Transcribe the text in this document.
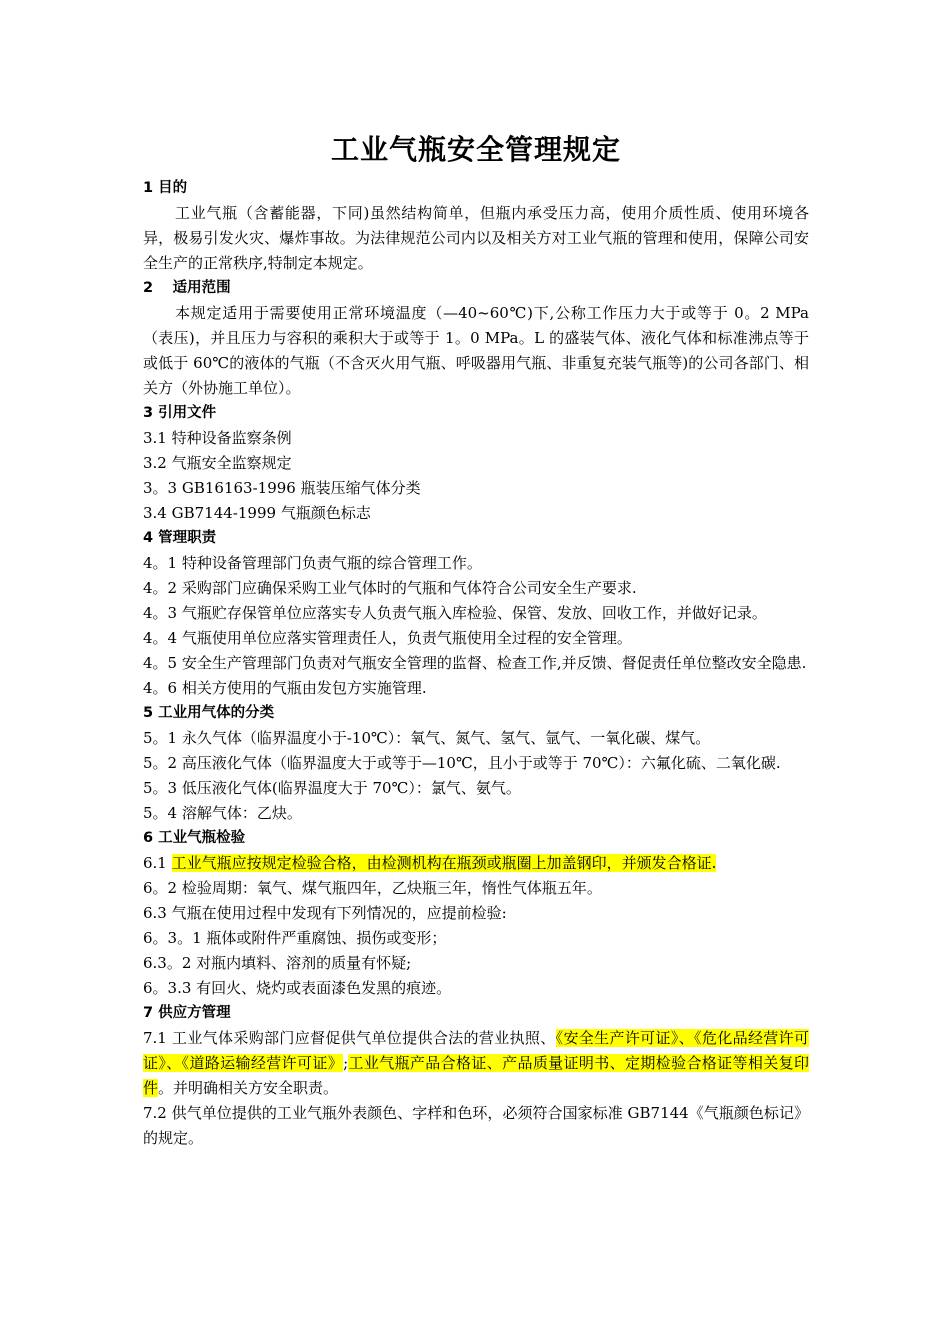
工业气瓶安全管理规定

1 目的

工业气瓶（含蓄能器，下同)虽然结构简单，但瓶内承受压力高，使用介质性质、使用环境各异，极易引发火灾、爆炸事故。为法律规范公司内以及相关方对工业气瓶的管理和使用，保障公司安全生产的正常秩序,特制定本规定。

2 　适用范围

本规定适用于需要使用正常环境温度（—40~60℃)下,公称工作压力大于或等于 0。2 MPa （表压)，并且压力与容积的乘积大于或等于 1。0 MPa。L 的盛装气体、液化气体和标准沸点等于或低于 60℃的液体的气瓶（不含灭火用气瓶、呼吸器用气瓶、非重复充装气瓶等)的公司各部门、相关方（外协施工单位）。

3 引用文件

3.1 特种设备监察条例

3.2 气瓶安全监察规定

3。3 GB16163-1996 瓶装压缩气体分类

3.4 GB7144-1999 气瓶颜色标志

4 管理职责

4。1 特种设备管理部门负责气瓶的综合管理工作。

4。2 采购部门应确保采购工业气体时的气瓶和气体符合公司安全生产要求.

4。3 气瓶贮存保管单位应落实专人负责气瓶入库检验、保管、发放、回收工作，并做好记录。

4。4 气瓶使用单位应落实管理责任人，负责气瓶使用全过程的安全管理。

4。5 安全生产管理部门负责对气瓶安全管理的监督、检查工作,并反馈、督促责任单位整改安全隐患.

4。6 相关方使用的气瓶由发包方实施管理.

5 工业用气体的分类

5。1 永久气体（临界温度小于-10℃）：氧气、氮气、氢气、氩气、一氧化碳、煤气。

5。2 高压液化气体（临界温度大于或等于—10℃，且小于或等于 70℃）：六氟化硫、二氧化碳.

5。3 低压液化气体(临界温度大于 70℃）：氯气、氨气。

5。4 溶解气体：乙炔。

6 工业气瓶检验

6.1 工业气瓶应按规定检验合格，由检测机构在瓶颈或瓶圈上加盖钢印，并颁发合格证.

6。2 检验周期：氧气、煤气瓶四年，乙炔瓶三年，惰性气体瓶五年。

6.3 气瓶在使用过程中发现有下列情况的，应提前检验:

6。3。1 瓶体或附件严重腐蚀、损伤或变形；

6.3。2 对瓶内填料、溶剂的质量有怀疑;

6。3.3 有回火、烧灼或表面漆色发黑的痕迹。

7 供应方管理

7.1 工业气体采购部门应督促供气单位提供合法的营业执照、《安全生产许可证》、《危化品经营许可证》、《道路运输经营许可证》;工业气瓶产品合格证、产品质量证明书、定期检验合格证等相关复印件。并明确相关方安全职责。

7.2 供气单位提供的工业气瓶外表颜色、字样和色环，必须符合国家标准 GB7144《气瓶颜色标记》 的规定。
